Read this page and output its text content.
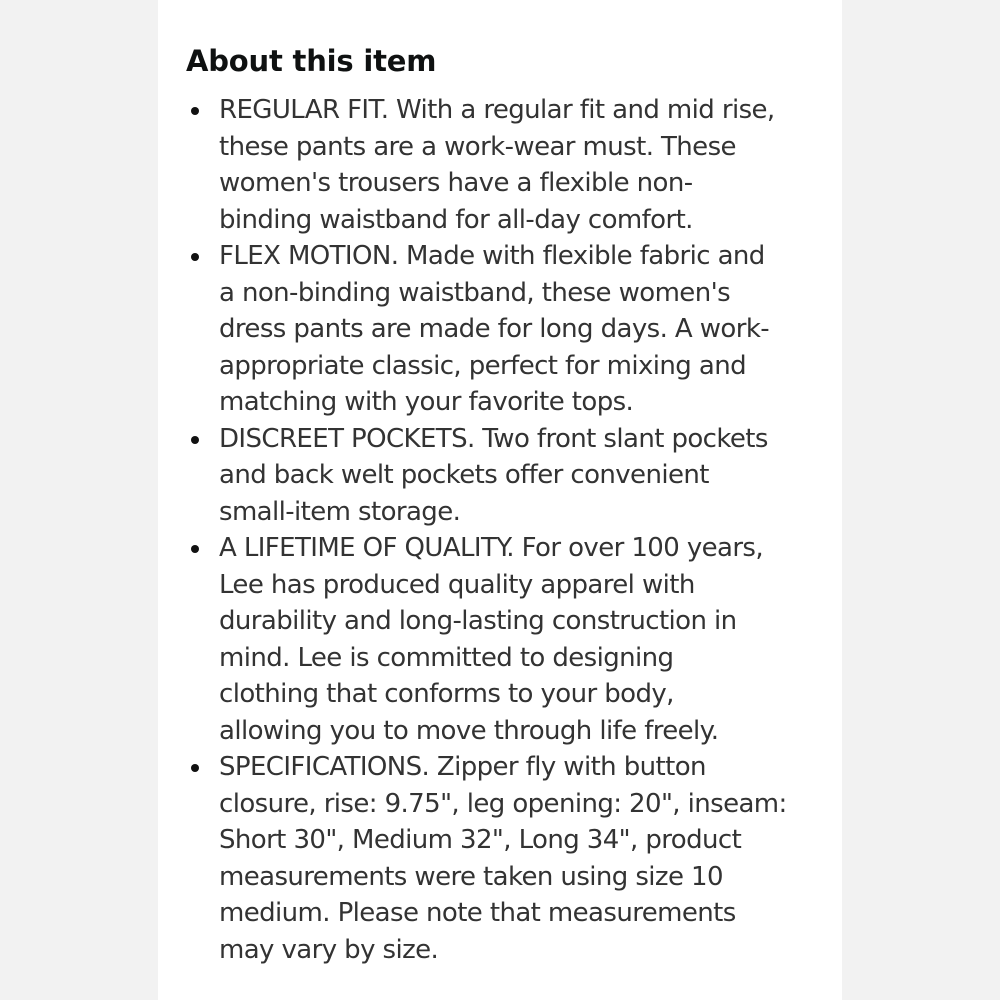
About this item
REGULAR FIT. With a regular fit and mid rise,
these pants are a work-wear must. These
women's trousers have a flexible non-
binding waistband for all-day comfort.
FLEX MOTION. Made with flexible fabric and
a non-binding waistband, these women's
dress pants are made for long days. A work-
appropriate classic, perfect for mixing and
matching with your favorite tops.
DISCREET POCKETS. Two front slant pockets
and back welt pockets offer convenient
small-item storage.
A LIFETIME OF QUALITY. For over 100 years,
Lee has produced quality apparel with
durability and long-lasting construction in
mind. Lee is committed to designing
clothing that conforms to your body,
allowing you to move through life freely.
SPECIFICATIONS. Zipper fly with button
closure, rise: 9.75", leg opening: 20", inseam:
Short 30", Medium 32", Long 34", product
measurements were taken using size 10
medium. Please note that measurements
may vary by size.
